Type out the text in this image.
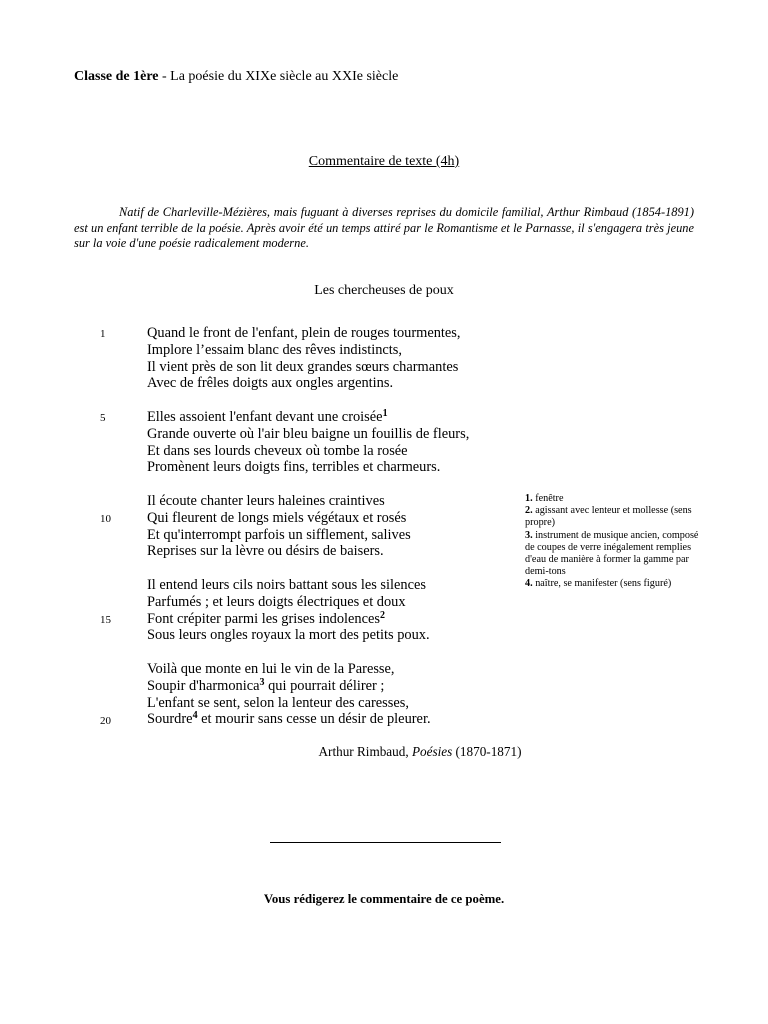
Classe de 1ère - La poésie du XIXe siècle au XXIe siècle
Commentaire de texte (4h)

Natif de Charleville-Mézières, mais fuguant à diverses reprises du domicile familial, Arthur Rimbaud (1854-1891) est un enfant terrible de la poésie. Après avoir été un temps attiré par le Romantisme et le Parnasse, il s'engagera très jeune sur la voie d'une poésie radicalement moderne.

Les chercheuses de poux
Quand le front de l'enfant, plein de rouges tourmentes,
Implore l’essaim blanc des rêves indistincts,
Il vient près de son lit deux grandes sœurs charmantes
Avec de frêles doigts aux ongles argentins.
Elles assoient l'enfant devant une croisée$^1$
Grande ouverte où l'air bleu baigne un fouillis de fleurs,
Et dans ses lourds cheveux où tombe la rosée
Promènent leurs doigts fins, terribles et charmeurs.
Il écoute chanter leurs haleines craintives
Qui fleurent de longs miels végétaux et rosés
Et qu'interrompt parfois un sifflement, salives
Reprises sur la lèvre ou désirs de baisers.
Il entend leurs cils noirs battant sous les silences
Parfumés ; et leurs doigts électriques et doux
Font crépiter parmi les grises indolences$^2$
Sous leurs ongles royaux la mort des petits poux.
Voilà que monte en lui le vin de la Paresse,
Soupir d'harmonica$^3$ qui pourrait délirer ;
L'enfant se sent, selon la lenteur des caresses,
Sourdre$^4$ et mourir sans cesse un désir de pleurer.
1
5
10
15
20
1. fenêtre
2. agissant avec lenteur et mollesse (sens propre)
3. instrument de musique ancien, composé de coupes de verre inégalement remplies d'eau de manière à former la gamme par demi-tons
4. naître, se manifester (sens figuré)
Arthur Rimbaud, Poésies (1870-1871)
Vous rédigerez le commentaire de ce poème.
